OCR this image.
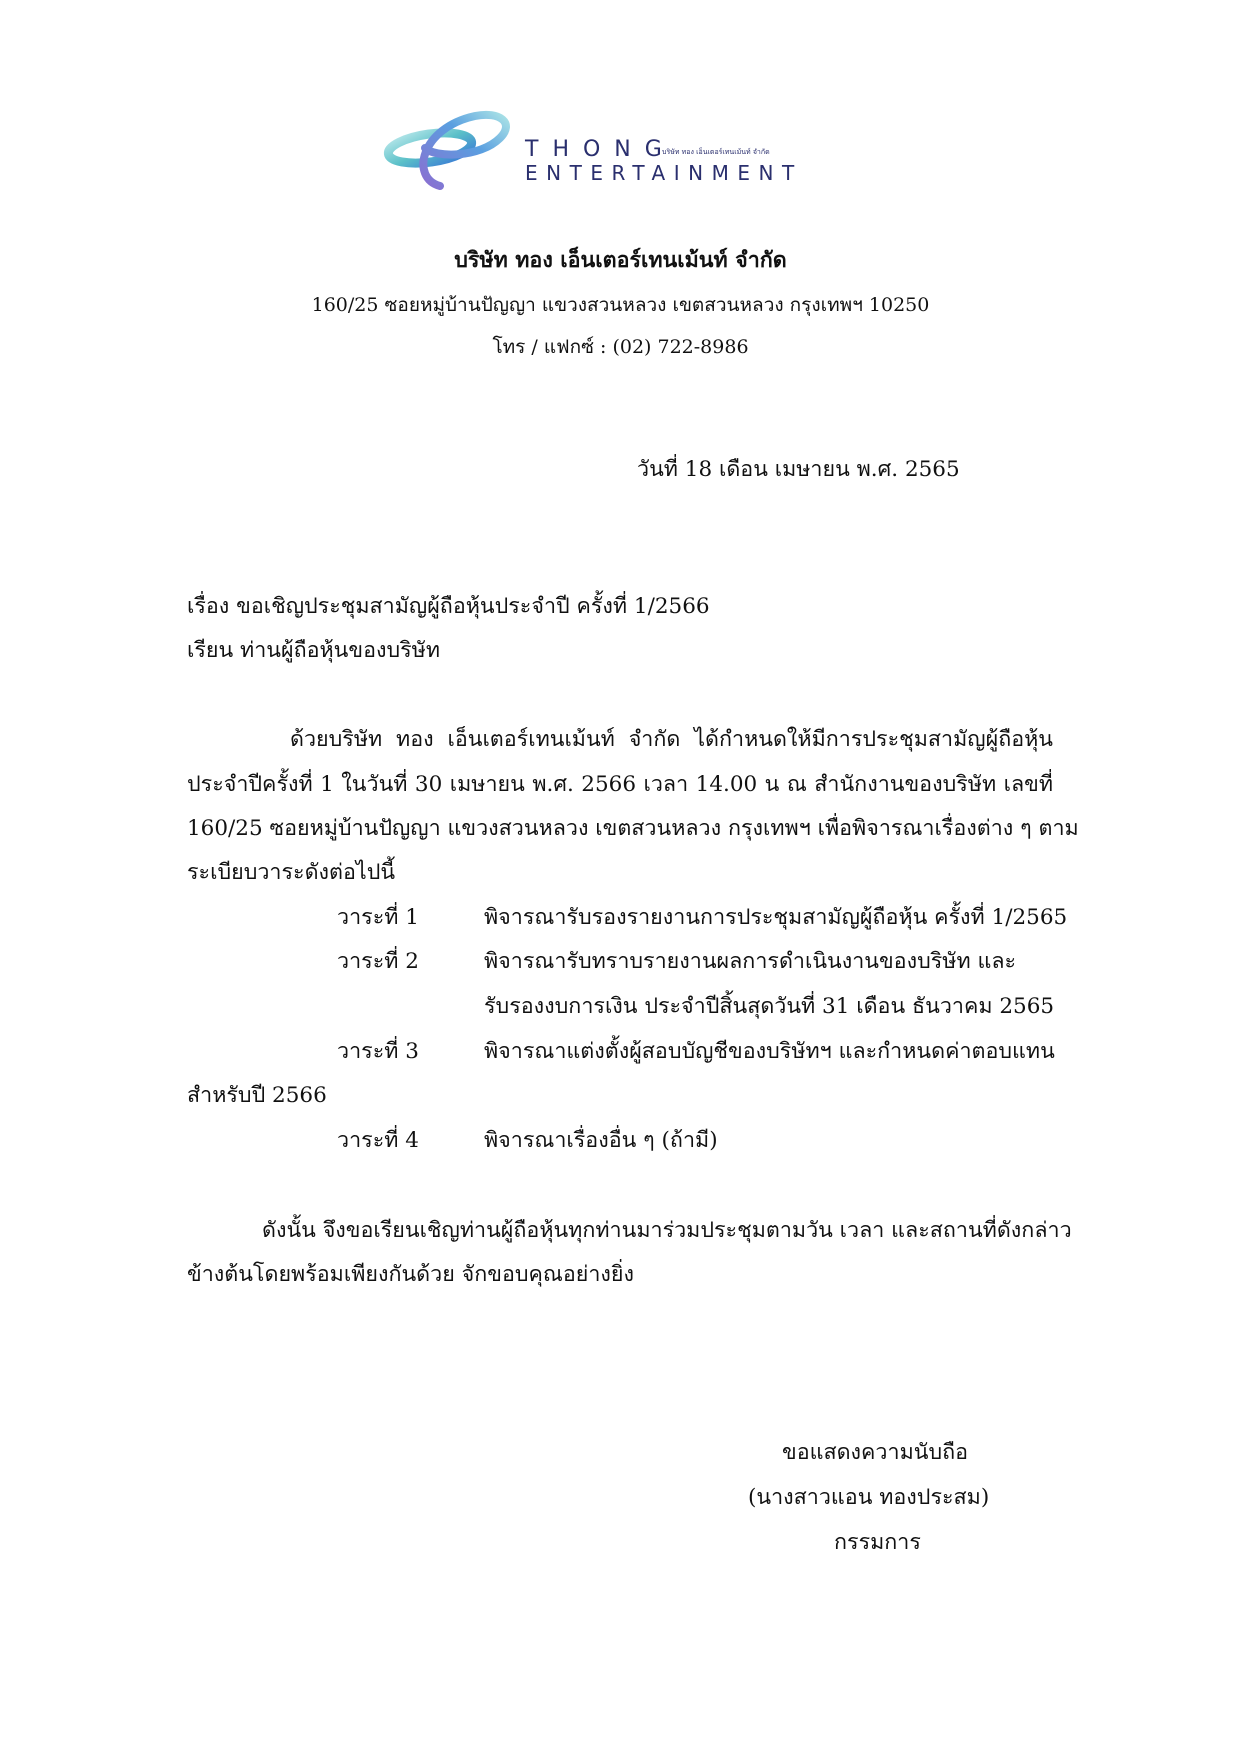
THONG
ENTERTAINMENT
บริษัท ทอง เอ็นเตอร์เทนเม้นท์ จำกัด
บริษัท ทอง เอ็นเตอร์เทนเม้นท์ จำกัด
160/25 ซอยหมู่บ้านปัญญา แขวงสวนหลวง เขตสวนหลวง กรุงเทพฯ 10250
โทร / แฟกซ์ : (02) 722-8986
วันที่ 18 เดือน เมษายน พ.ศ. 2565
เรื่อง ขอเชิญประชุมสามัญผู้ถือหุ้นประจำปี ครั้งที่ 1/2566
เรียน ท่านผู้ถือหุ้นของบริษัท
ด้วยบริษัท ทอง เอ็นเตอร์เทนเม้นท์ จำกัด ได้กำหนดให้มีการประชุมสามัญผู้ถือหุ้น
ประจำปีครั้งที่ 1 ในวันที่ 30 เมษายน พ.ศ. 2566 เวลา 14.00 น ณ สำนักงานของบริษัท เลขที่
160/25 ซอยหมู่บ้านปัญญา แขวงสวนหลวง เขตสวนหลวง กรุงเทพฯ เพื่อพิจารณาเรื่องต่าง ๆ ตาม
ระเบียบวาระดังต่อไปนี้
วาระที่ 1	พิจารณารับรองรายงานการประชุมสามัญผู้ถือหุ้น ครั้งที่ 1/2565
วาระที่ 2	พิจารณารับทราบรายงานผลการดำเนินงานของบริษัท และ
รับรองงบการเงิน ประจำปีสิ้นสุดวันที่ 31 เดือน ธันวาคม 2565
วาระที่ 3	พิจารณาแต่งตั้งผู้สอบบัญชีของบริษัทฯ และกำหนดค่าตอบแทน
สำหรับปี 2566
วาระที่ 4	พิจารณาเรื่องอื่น ๆ (ถ้ามี)
ดังนั้น จึงขอเรียนเชิญท่านผู้ถือหุ้นทุกท่านมาร่วมประชุมตามวัน เวลา และสถานที่ดังกล่าว
ข้างต้นโดยพร้อมเพียงกันด้วย จักขอบคุณอย่างยิ่ง
ขอแสดงความนับถือ
(นางสาวแอน ทองประสม)
กรรมการ
